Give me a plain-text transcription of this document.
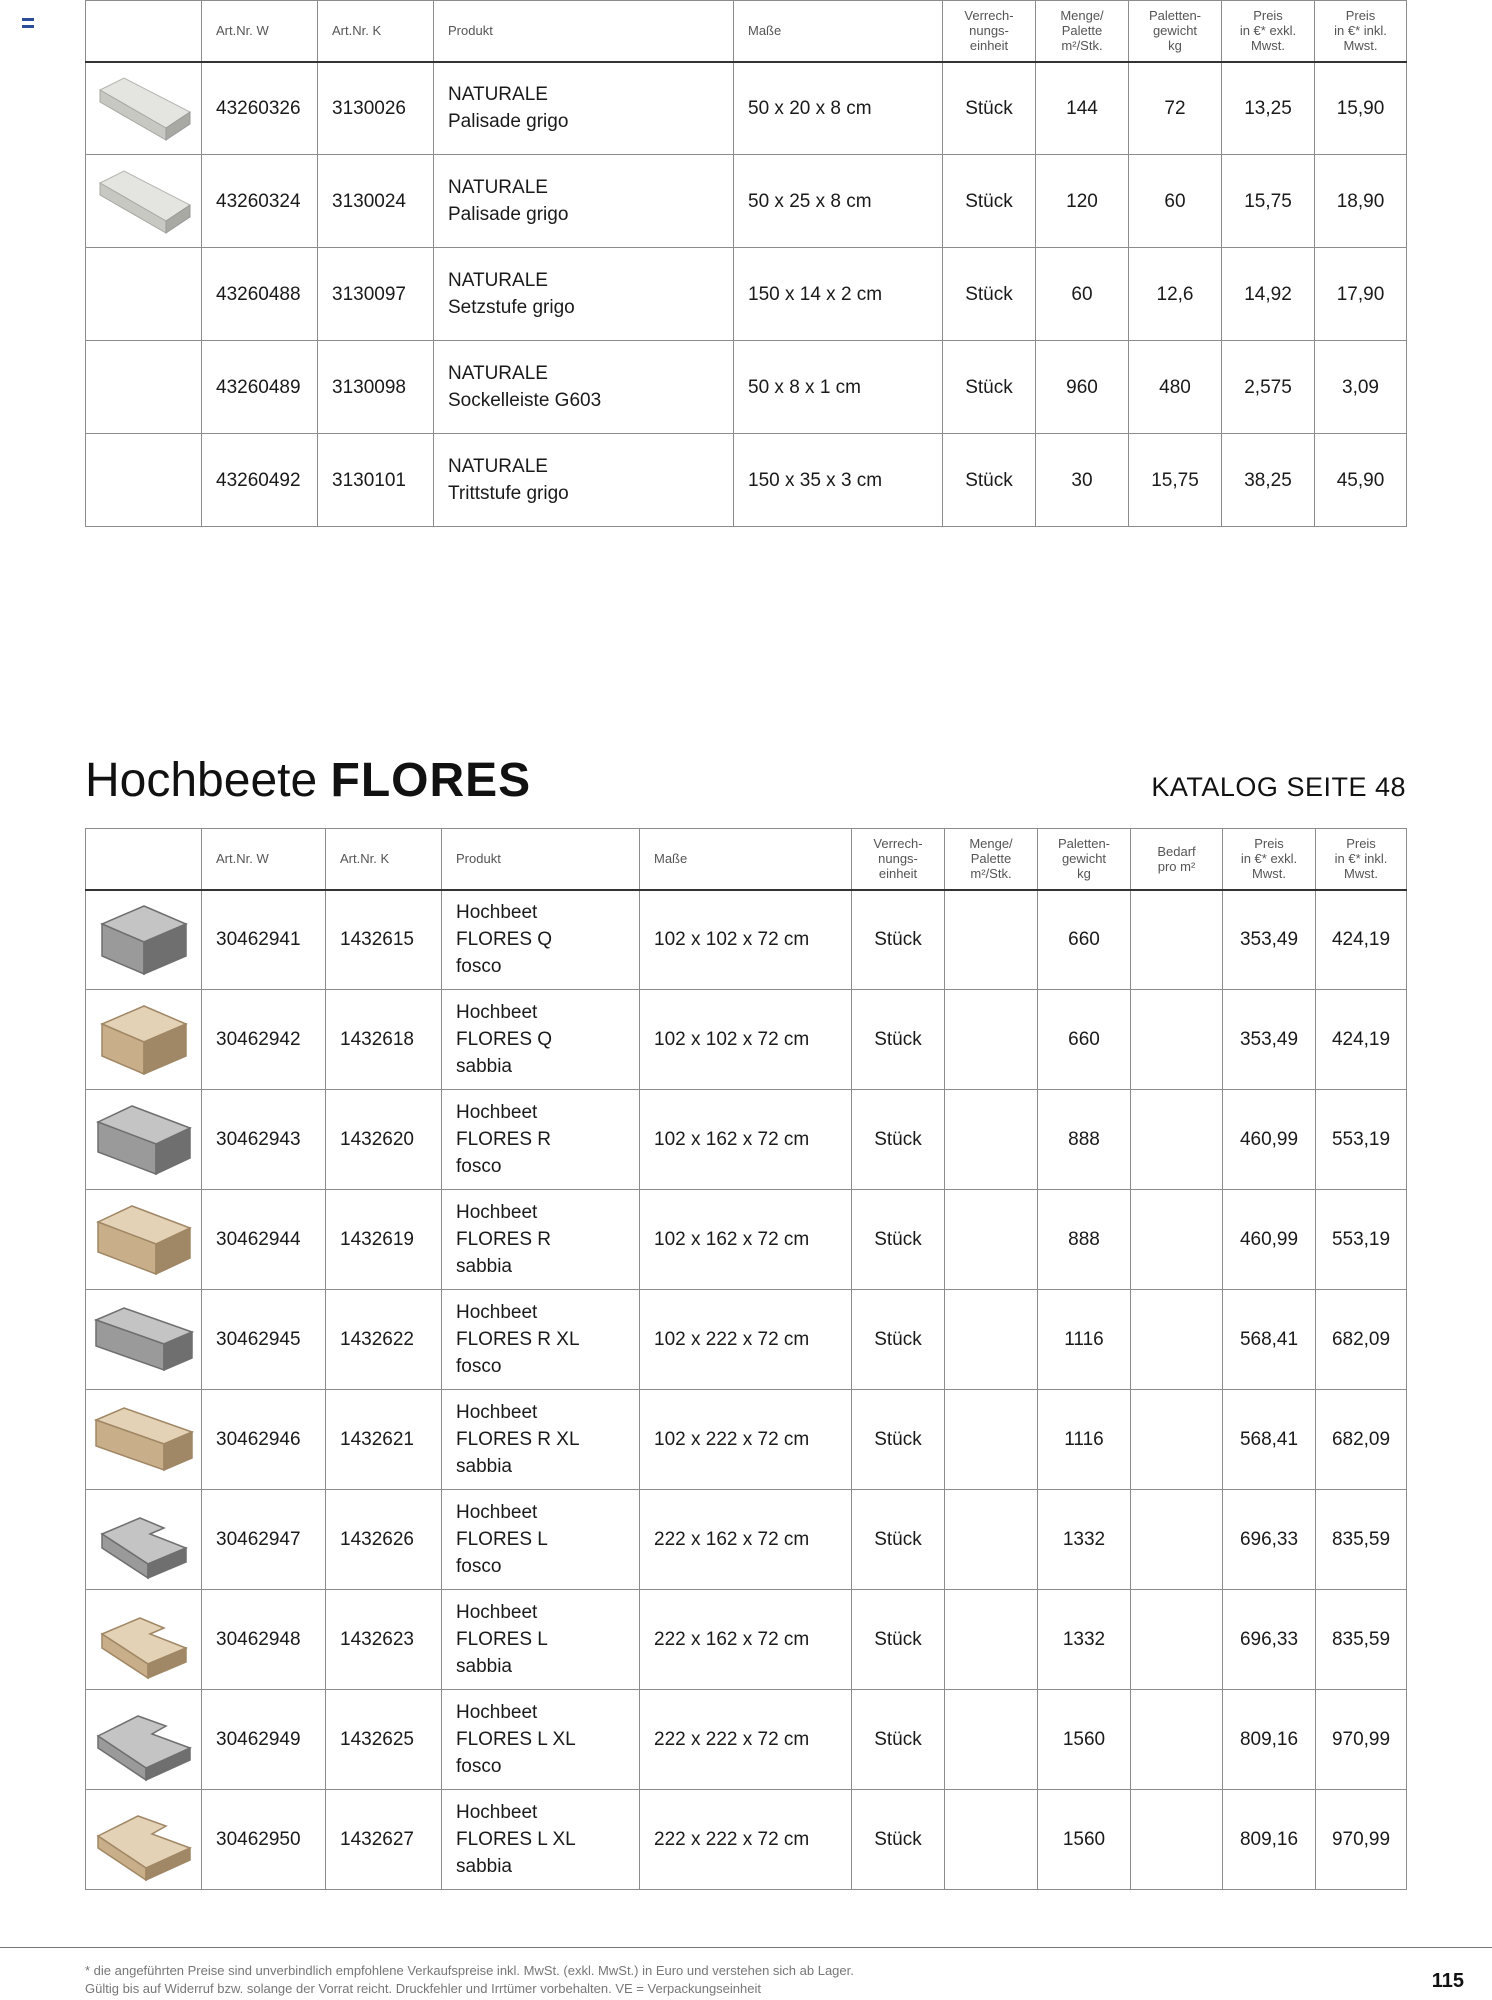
	Art.Nr. W	Art.Nr. K	Produkt	Maße	Verrech-
nungs-
einheit	Menge/
Palette
m²/Stk.	Paletten-
gewicht
kg	Preis
in €* exkl.
Mwst.	Preis
in €* inkl.
Mwst.

	43260326	3130026	NATURALE
Palisade grigo	50 x 20 x 8 cm	Stück	144	72	13,25	15,90

	43260324	3130024	NATURALE
Palisade grigo	50 x 25 x 8 cm	Stück	120	60	15,75	18,90

	43260488	3130097	NATURALE
Setzstufe grigo	150 x 14 x 2 cm	Stück	60	12,6	14,92	17,90

	43260489	3130098	NATURALE
Sockelleiste G603	50 x 8 x 1 cm	Stück	960	480	2,575	3,09

	43260492	3130101	NATURALE
Trittstufe grigo	150 x 35 x 3 cm	Stück	30	15,75	38,25	45,90
Hochbeete FLORES	KATALOG SEITE 48
	Art.Nr. W	Art.Nr. K	Produkt	Maße	Verrech-
nungs-
einheit	Menge/
Palette
m²/Stk.	Paletten-
gewicht
kg	Bedarf
pro m²	Preis
in €* exkl.
Mwst.	Preis
in €* inkl.
Mwst.

	30462941	1432615	Hochbeet
FLORES Q
fosco	102 x 102 x 72 cm	Stück		660		353,49	424,19

	30462942	1432618	Hochbeet
FLORES Q
sabbia	102 x 102 x 72 cm	Stück		660		353,49	424,19

	30462943	1432620	Hochbeet
FLORES R
fosco	102 x 162 x 72 cm	Stück		888		460,99	553,19

	30462944	1432619	Hochbeet
FLORES R
sabbia	102 x 162 x 72 cm	Stück		888		460,99	553,19

	30462945	1432622	Hochbeet
FLORES R XL
fosco	102 x 222 x 72 cm	Stück		1116		568,41	682,09

	30462946	1432621	Hochbeet
FLORES R XL
sabbia	102 x 222 x 72 cm	Stück		1116		568,41	682,09

	30462947	1432626	Hochbeet
FLORES L
fosco	222 x 162 x 72 cm	Stück		1332		696,33	835,59

	30462948	1432623	Hochbeet
FLORES L
sabbia	222 x 162 x 72 cm	Stück		1332		696,33	835,59

	30462949	1432625	Hochbeet
FLORES L XL
fosco	222 x 222 x 72 cm	Stück		1560		809,16	970,99

	30462950	1432627	Hochbeet
FLORES L XL
sabbia	222 x 222 x 72 cm	Stück		1560		809,16	970,99
* die angeführten Preise sind unverbindlich empfohlene Verkaufspreise inkl. MwSt. (exkl. MwSt.) in Euro und verstehen sich ab Lager.
Gültig bis auf Widerruf bzw. solange der Vorrat reicht. Druckfehler und Irrtümer vorbehalten. VE = Verpackungseinheit	115
